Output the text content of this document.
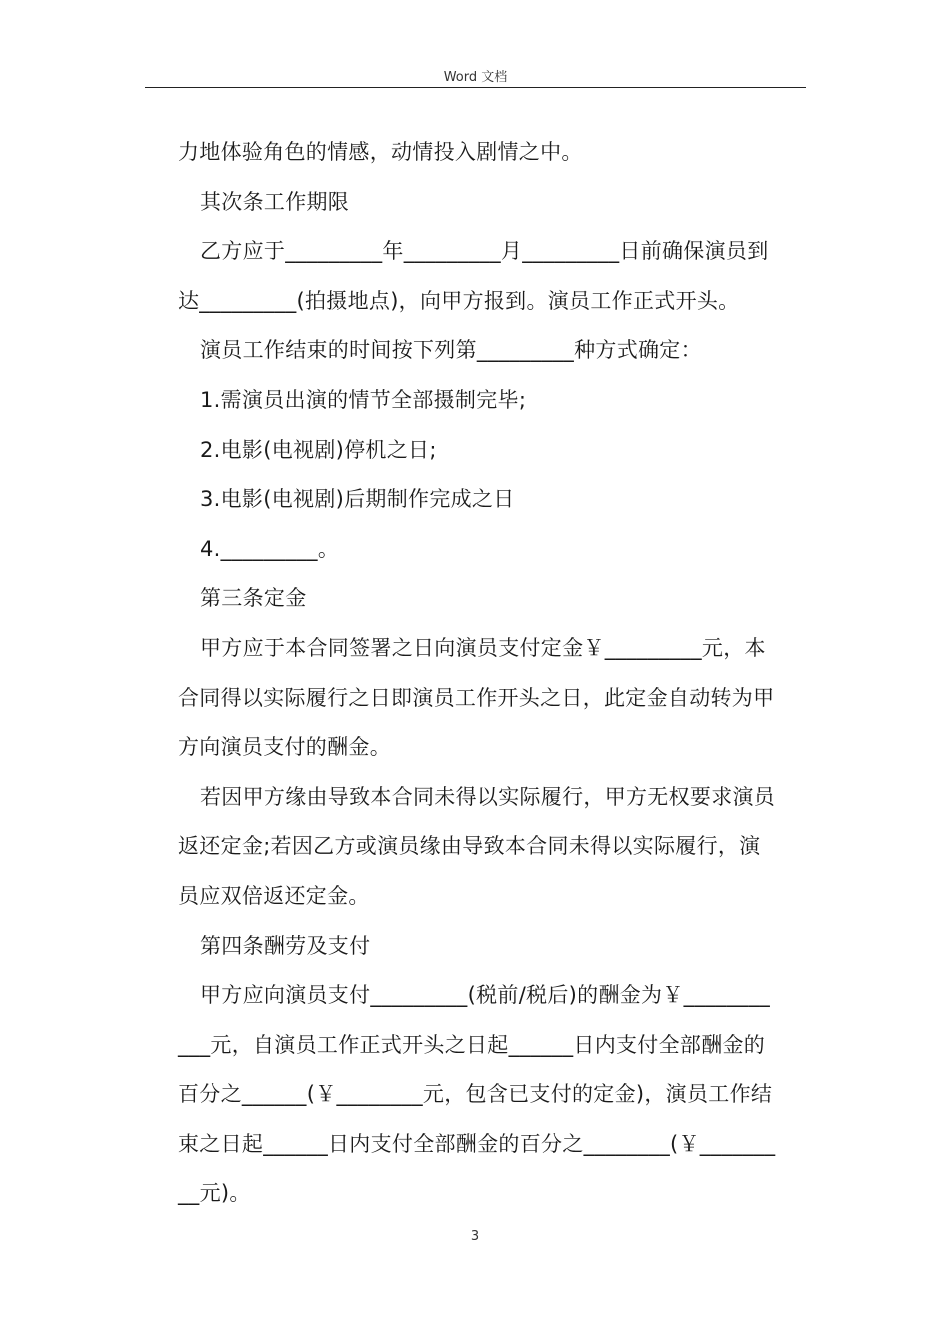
Word 文档

力地体验角色的情感，动情投入剧情之中。

其次条工作期限

乙方应于_________年_________月_________日前确保演员到

达_________(拍摄地点)，向甲方报到。演员工作正式开头。

演员工作结束的时间按下列第_________种方式确定：

1.需演员出演的情节全部摄制完毕;

2.电影(电视剧)停机之日;

3.电影(电视剧)后期制作完成之日

4._________。

第三条定金

甲方应于本合同签署之日向演员支付定金￥_________元，本

合同得以实际履行之日即演员工作开头之日，此定金自动转为甲

方向演员支付的酬金。

若因甲方缘由导致本合同未得以实际履行，甲方无权要求演员

返还定金;若因乙方或演员缘由导致本合同未得以实际履行，演

员应双倍返还定金。

第四条酬劳及支付

甲方应向演员支付_________(税前/税后)的酬金为￥________

___元，自演员工作正式开头之日起______日内支付全部酬金的

百分之______(￥________元，包含已支付的定金)，演员工作结

束之日起______日内支付全部酬金的百分之________(￥_______

__元)。

3
